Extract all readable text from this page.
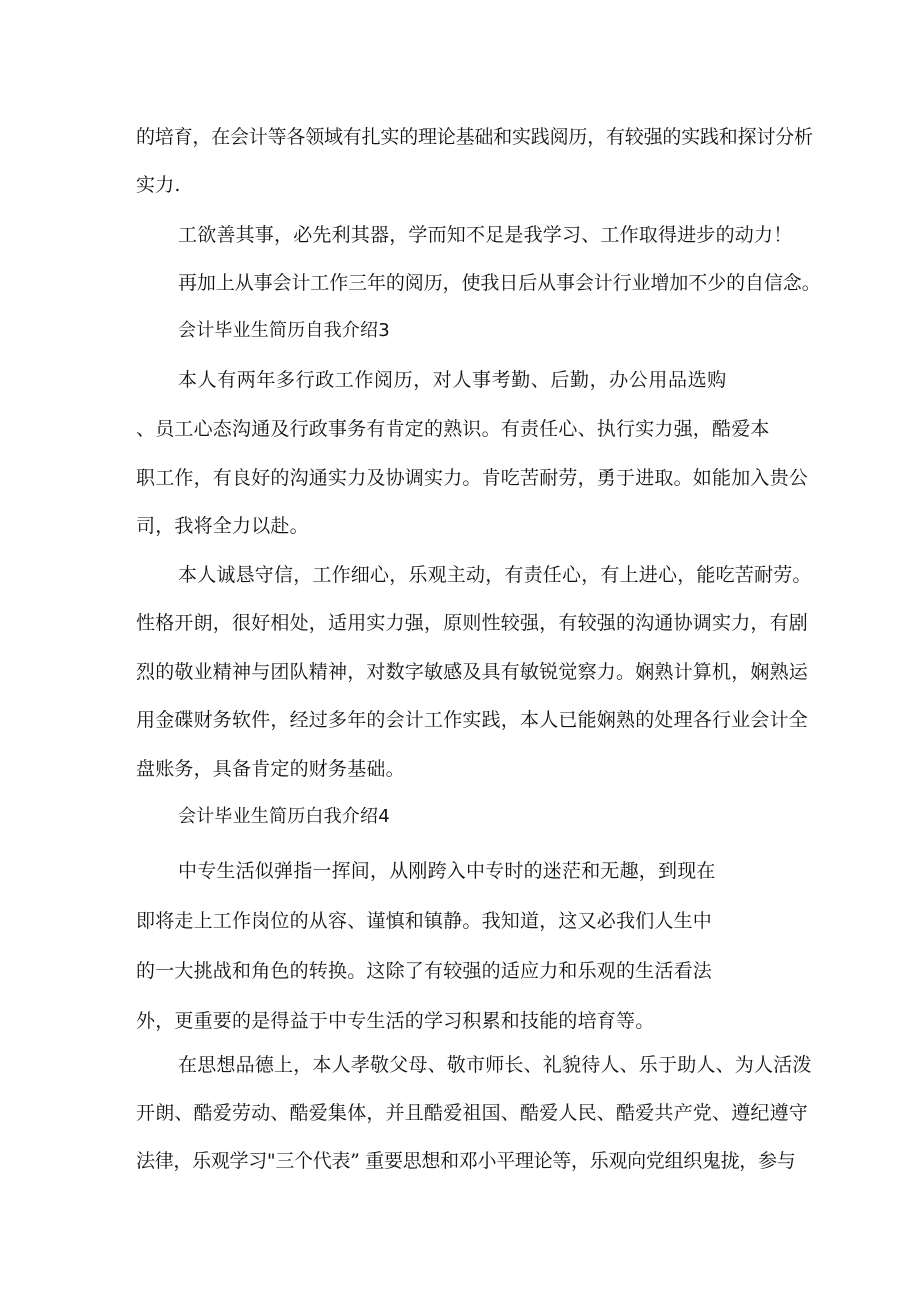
的培育，在会计等各领域有扎实的理论基础和实践阅历，有较强的实践和探讨分析
实力.
工欲善其事，必先利其器，学而知不足是我学习、工作取得进步的动力！
再加上从事会计工作三年的阅历，使我日后从事会计行业增加不少的自信念。
会计毕业生简历自我介绍3
本人有两年多行政工作阅历，对人事考勤、后勤，办公用品选购
、员工心态沟通及行政事务有肯定的熟识。有责任心、执行实力强，酷爱本
职工作，有良好的沟通实力及协调实力。肯吃苦耐劳，勇于进取。如能加入贵公
司，我将全力以赴。
本人诚恳守信，工作细心，乐观主动，有责任心，有上进心，能吃苦耐劳。
性格开朗，很好相处，适用实力强，原则性较强，有较强的沟通协调实力，有剧
烈的敬业精神与团队精神，对数字敏感及具有敏锐觉察力。娴熟计算机，娴熟运
用金碟财务软件，经过多年的会计工作实践，本人已能娴熟的处理各行业会计全
盘账务，具备肯定的财务基础。
会计毕业生简历白我介绍4
中专生活似弹指一挥间，从刚跨入中专时的迷茫和无趣，到现在
即将走上工作岗位的从容、谨慎和镇静。我知道，这又必我们人生中
的一大挑战和角色的转换。这除了有较强的适应力和乐观的生活看法
外，更重要的是得益于中专生活的学习积累和技能的培育等。
在思想品德上，本人孝敬父母、敬市师长、礼貌待人、乐于助人、为人活泼
开朗、酷爱劳动、酷爱集体，并且酷爱祖国、酷爱人民、酷爱共产党、遵纪遵守
法律，乐观学习"三个代表” 重要思想和邓小平理论等，乐观向党组织鬼拢，参与
